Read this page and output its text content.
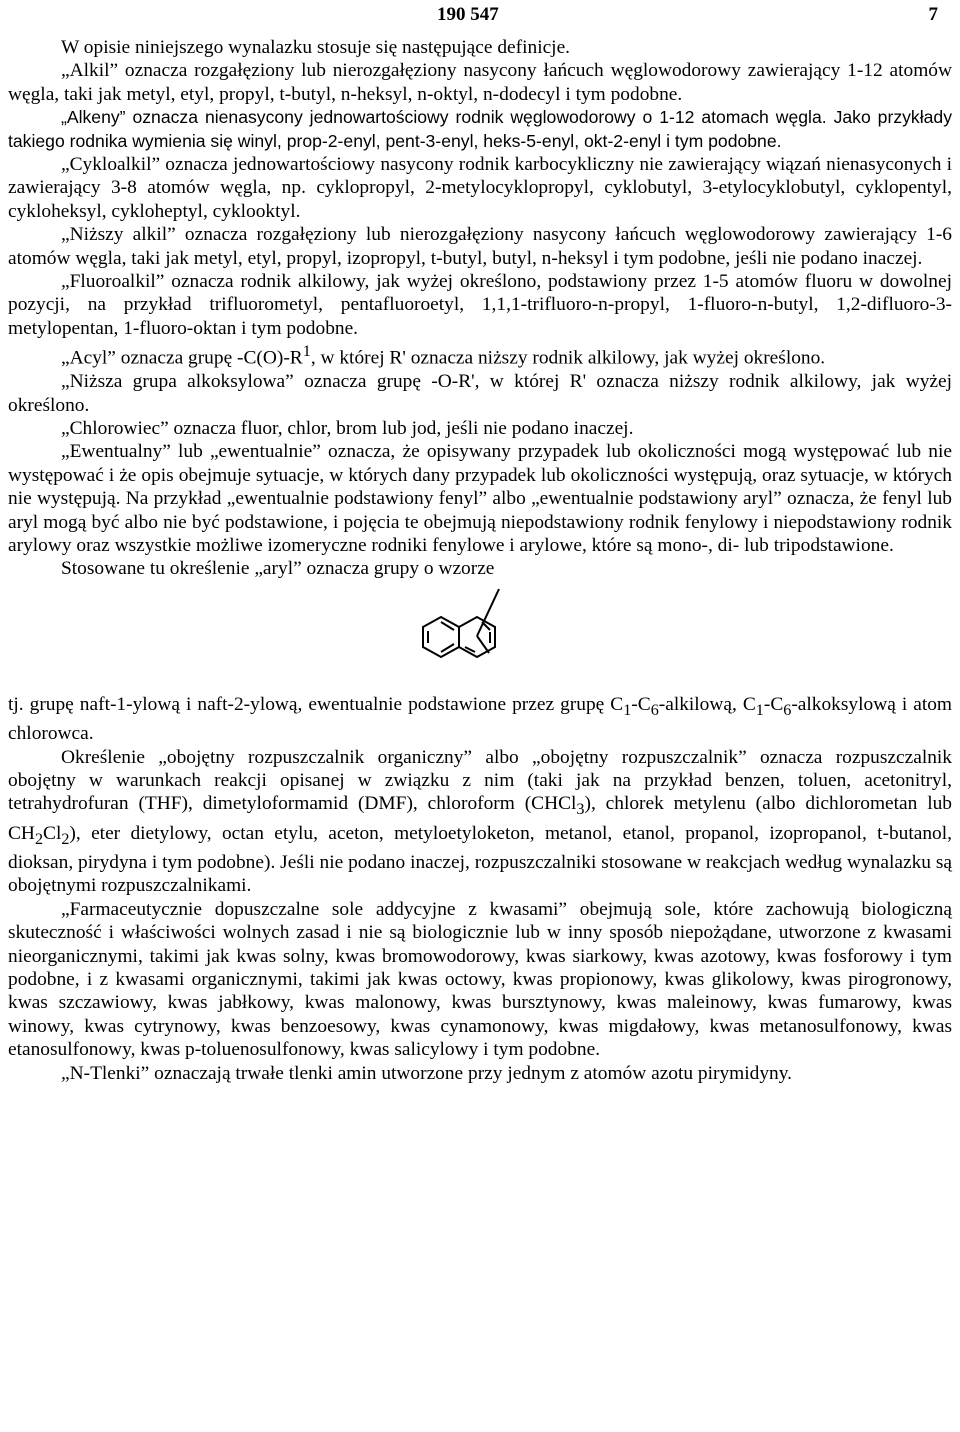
190 547	7

W opisie niniejszego wynalazku stosuje się następujące definicje.

„Alkil” oznacza rozgałęziony lub nierozgałęziony nasycony łańcuch węglowodorowy zawierający 1-12 atomów węgla, taki jak metyl, etyl, propyl, t-butyl, n-heksyl, n-oktyl, n-dodecyl i tym podobne.

„Alkeny” oznacza nienasycony jednowartościowy rodnik węglowodorowy o 1-12 atomach węgla. Jako przykłady takiego rodnika wymienia się winyl, prop-2-enyl, pent-3-enyl, heks-5-enyl, okt-2-enyl i tym podobne.

„Cykloalkil” oznacza jednowartościowy nasycony rodnik karbocykliczny nie zawierający wiązań nienasyconych i zawierający 3-8 atomów węgla, np. cyklopropyl, 2-metylocyklopropyl, cyklobutyl, 3-etylocyklobutyl, cyklopentyl, cykloheksyl, cykloheptyl, cyklooktyl.

„Niższy alkil” oznacza rozgałęziony lub nierozgałęziony nasycony łańcuch węglowodorowy zawierający 1-6 atomów węgla, taki jak metyl, etyl, propyl, izopropyl, t-butyl, butyl, n-heksyl i tym podobne, jeśli nie podano inaczej.

„Fluoroalkil” oznacza rodnik alkilowy, jak wyżej określono, podstawiony przez 1-5 atomów fluoru w dowolnej pozycji, na przykład trifluorometyl, pentafluoroetyl, 1,1,1-trifluoro-n-propyl, 1-fluoro-n-butyl, 1,2-difluoro-3-metylopentan, 1-fluoro-oktan i tym podobne.

„Acyl” oznacza grupę $-C(O)-R^1$, w której R' oznacza niższy rodnik alkilowy, jak wyżej określono.

„Niższa grupa alkoksylowa” oznacza grupę -O-R', w której R' oznacza niższy rodnik alkilowy, jak wyżej określono.

„Chlorowiec” oznacza fluor, chlor, brom lub jod, jeśli nie podano inaczej.

„Ewentualny” lub „ewentualnie” oznacza, że opisywany przypadek lub okoliczności mogą występować lub nie występować i że opis obejmuje sytuacje, w których dany przypadek lub okoliczności występują, oraz sytuacje, w których nie występują. Na przykład „ewentualnie podstawiony fenyl” albo „ewentualnie podstawiony aryl” oznacza, że fenyl lub aryl mogą być albo nie być podstawione, i pojęcia te obejmują niepodstawiony rodnik fenylowy i niepodstawiony rodnik arylowy oraz wszystkie możliwe izomeryczne rodniki fenylowe i arylowe, które są mono-, di- lub tripodstawione.

Stosowane tu określenie „aryl” oznacza grupy o wzorze

tj. grupę naft-1-ylową i naft-2-ylową, ewentualnie podstawione przez grupę $C_1-C_6$-alkilową, $C_1-C_6$-alkoksylową i atom chlorowca.

Określenie „obojętny rozpuszczalnik organiczny” albo „obojętny rozpuszczalnik” oznacza rozpuszczalnik obojętny w warunkach reakcji opisanej w związku z nim (taki jak na przykład benzen, toluen, acetonitryl, tetrahydrofuran (THF), dimetyloformamid (DMF), chloroform (CHCl$_3$), chlorek metylenu (albo dichlorometan lub $CH_2Cl_2$), eter dietylowy, octan etylu, aceton, metyloetyloketon, metanol, etanol, propanol, izopropanol, t-butanol, dioksan, pirydyna i tym podobne). Jeśli nie podano inaczej, rozpuszczalniki stosowane w reakcjach według wynalazku są obojętnymi rozpuszczalnikami.

„Farmaceutycznie dopuszczalne sole addycyjne z kwasami” obejmują sole, które zachowują biologiczną skuteczność i właściwości wolnych zasad i nie są biologicznie lub w inny sposób niepożądane, utworzone z kwasami nieorganicznymi, takimi jak kwas solny, kwas bromowodorowy, kwas siarkowy, kwas azotowy, kwas fosforowy i tym podobne, i z kwasami organicznymi, takimi jak kwas octowy, kwas propionowy, kwas glikolowy, kwas pirogronowy, kwas szczawiowy, kwas jabłkowy, kwas malonowy, kwas bursztynowy, kwas maleinowy, kwas fumarowy, kwas winowy, kwas cytrynowy, kwas benzoesowy, kwas cynamonowy, kwas migdałowy, kwas metanosulfonowy, kwas etanosulfonowy, kwas p-toluenosulfonowy, kwas salicylowy i tym podobne.

„N-Tlenki” oznaczają trwałe tlenki amin utworzone przy jednym z atomów azotu pirymidyny.
